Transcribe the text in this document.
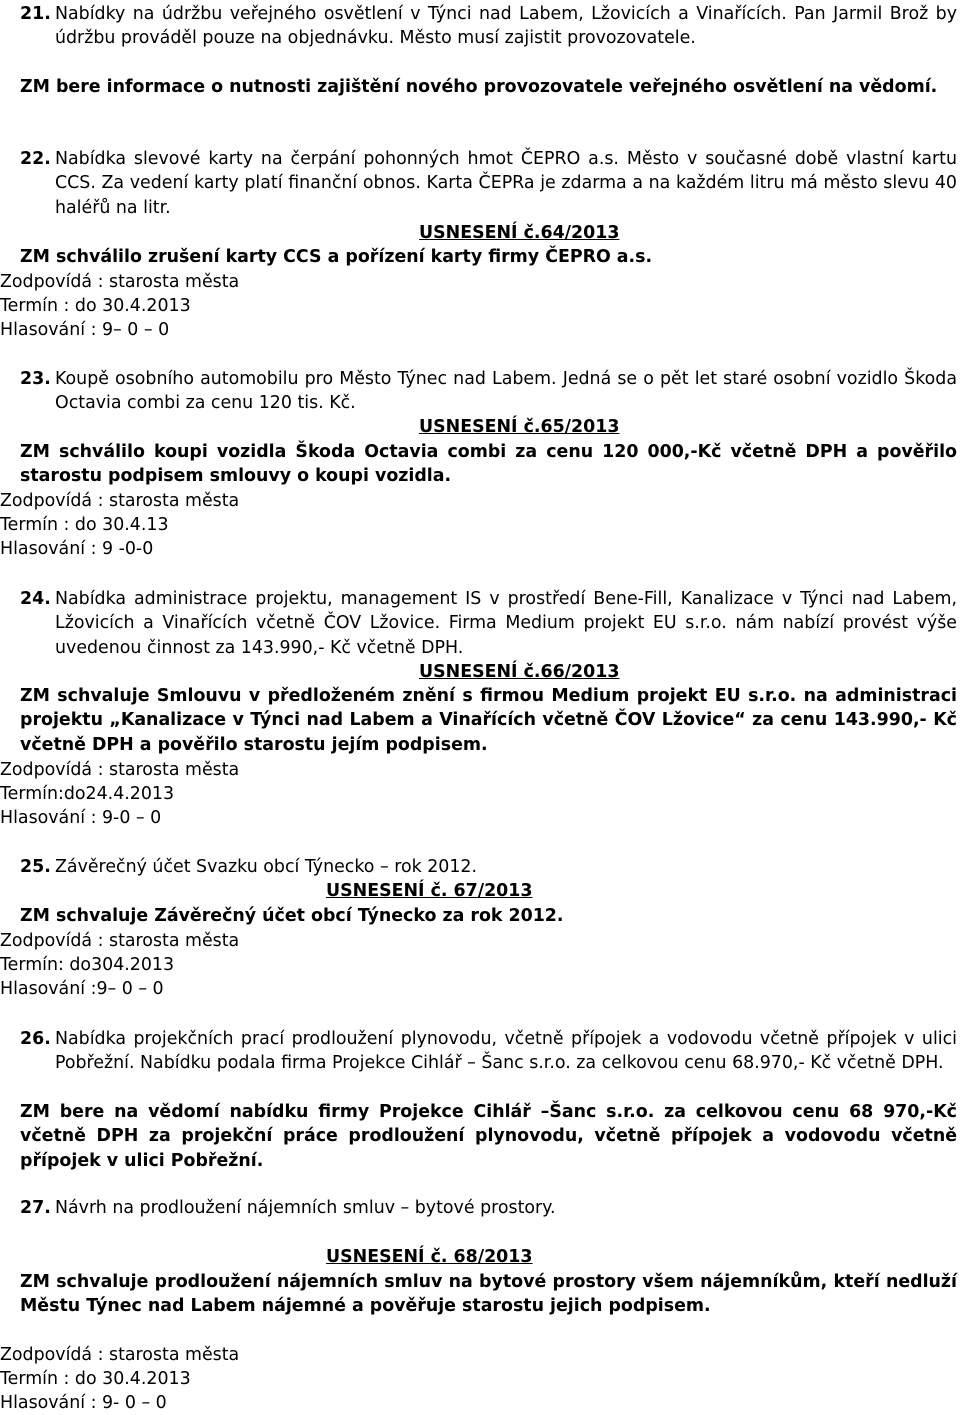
21. Nabídky na údržbu veřejného osvětlení v Týnci nad Labem, Lžovicích a Vinařících. Pan Jarmil Brož by údržbu prováděl pouze na objednávku. Město musí zajistit provozovatele.
ZM bere informace o nutnosti zajištění nového provozovatele veřejného osvětlení na vědomí.
22. Nabídka slevové karty na čerpání pohonných hmot ČEPRO a.s. Město v současné době vlastní kartu CCS. Za vedení karty platí finanční obnos. Karta ČEPRa je zdarma a na každém litru má město slevu 40 haléřů na litr.
USNESENÍ č.64/2013
ZM schválilo zrušení karty CCS a pořízení karty firmy ČEPRO a.s.
Zodpovídá : starosta města
Termín : do 30.4.2013
Hlasování : 9– 0 – 0
23. Koupě osobního automobilu pro Město Týnec nad Labem. Jedná se o pět let staré osobní vozidlo Škoda Octavia combi za cenu 120 tis. Kč.
USNESENÍ č.65/2013
ZM schválilo koupi vozidla Škoda Octavia combi za cenu 120 000,-Kč včetně DPH a pověřilo starostu podpisem smlouvy o koupi vozidla.
Zodpovídá : starosta města
Termín : do 30.4.13
Hlasování : 9 -0-0
24. Nabídka administrace projektu, management IS v prostředí Bene-Fill, Kanalizace v Týnci nad Labem, Lžovicích a Vinařících včetně ČOV Lžovice. Firma Medium projekt EU s.r.o. nám nabízí provést výše uvedenou činnost za 143.990,- Kč včetně DPH.
USNESENÍ č.66/2013
ZM schvaluje Smlouvu v předloženém znění s firmou Medium projekt EU s.r.o. na administraci projektu „Kanalizace v Týnci nad Labem a Vinařících včetně ČOV Lžovice“ za cenu 143.990,- Kč včetně DPH a pověřilo starostu jejím podpisem.
Zodpovídá : starosta města
Termín:do24.4.2013
Hlasování : 9-0 – 0
25. Závěrečný účet Svazku obcí Týnecko – rok 2012.
USNESENÍ č. 67/2013
ZM schvaluje Závěrečný účet obcí Týnecko za rok 2012.
Zodpovídá : starosta města
Termín: do304.2013
Hlasování :9– 0 – 0
26. Nabídka projekčních prací prodloužení plynovodu, včetně přípojek a vodovodu včetně přípojek v ulici Pobřežní. Nabídku podala firma Projekce Cihlář – Šanc s.r.o. za celkovou cenu 68.970,- Kč včetně DPH.
ZM bere na vědomí nabídku firmy Projekce Cihlář –Šanc s.r.o. za celkovou cenu 68 970,-Kč včetně DPH za projekční práce prodloužení plynovodu, včetně přípojek a vodovodu včetně přípojek v ulici Pobřežní.
27. Návrh na prodloužení nájemních smluv – bytové prostory.
USNESENÍ č. 68/2013
ZM schvaluje prodloužení nájemních smluv na bytové prostory všem nájemníkům, kteří nedluží Městu Týnec nad Labem nájemné a pověřuje starostu jejich podpisem.
Zodpovídá : starosta města
Termín : do 30.4.2013
Hlasování : 9- 0 – 0
